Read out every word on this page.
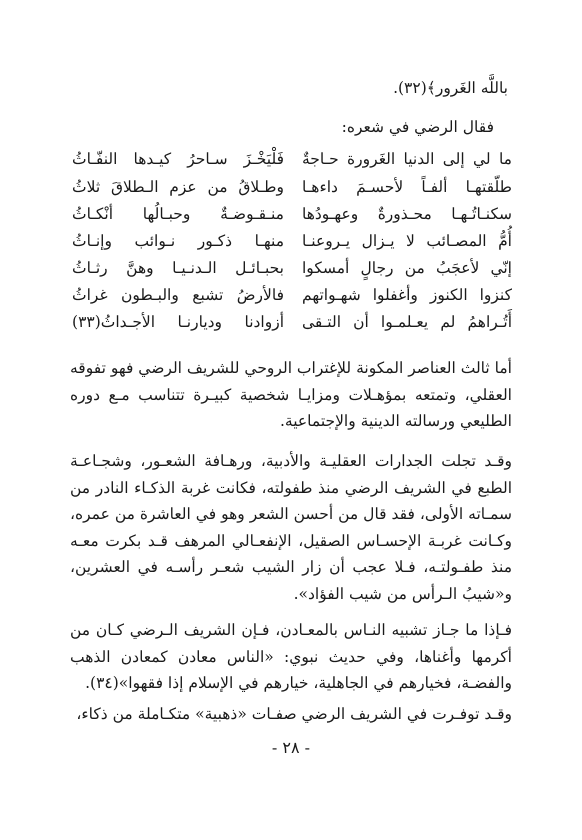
باللَّه الغَرور﴾(٣٢).
فقال الرضي في شعره:
ما لي إلى الدنيا الغَرورة حـاجةٌ
فَلْيَخْـزَ سـاحرُ كيـدها النفّـاثُ
طلّقتهـا ألفـاً لأحسـمَ داءهـا
وطـلاقُ من عزم الـطلاقَ ثلاثُ
سكنـاتُـهـا محـذورةٌ وعهـودُها
منـقـوضـةٌ وحبـالُها أنْكـاثُ
أُمُّ المصـائب لا يـزال يـروعنـا
منهـا ذكـور نـوائب وإنـاثُ
إنّي لأعجَبُ من رجالٍ أمسكوا
بحبـائـل الـدنـيـا وهنَّ رثـاثُ
كنزوا الكنوز وأغفلوا شهـواتهم
فالأرضُ تشبع والبـطون غراثُ
أَتُـراهمُ لم يعـلمـوا أن التـقى
أزوادنا وديارنـا الأجـداثُ(٣٣)
أما ثالث العناصر المكونة للإغتراب الروحي للشريف الرضي فهو تفوقه العقلي، وتمتعه بمؤهـلات ومزايـا شخصية كبيـرة تتناسب مـع دوره الطليعي ورسالته الدينية والإجتماعية.
وقـد تجلت الجدارات العقليـة والأدبية، ورهـافة الشعـور، وشجـاعـة الطبع في الشريف الرضي منذ طفولته، فكانت غربة الذكـاء النادر من سمـاته الأولى، فقد قال من أحسن الشعر وهو في العاشرة من عمره، وكـانت غربـة الإحسـاس الصقيل، الإنفعـالي المرهف قـد بكرت معـه منذ طفـولتـه، فـلا عجب أن زار الشيب شعـر رأسـه في العشرين، و«شيبُ الـرأس من شيب الفؤاد».
فـإذا ما جـاز تشبيه النـاس بالمعـادن، فـإن الشريف الـرضي كـان من أكرمها وأغناها، وفي حديث نبوي: «الناس معادن كمعادن الذهب والفضـة، فخيارهم في الجاهلية، خيارهم في الإسلام إذا فقهوا»(٣٤).
وقـد توفـرت في الشريف الرضي صفـات «ذهبية» متكـاملة من ذكاء،
- ٢٨ -
